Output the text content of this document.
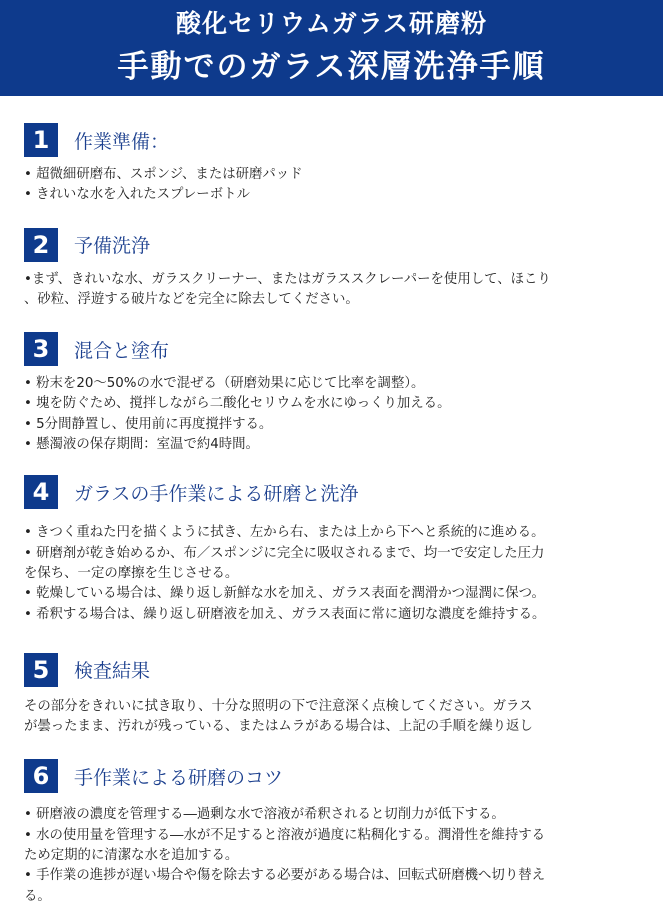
酸化セリウムガラス研磨粉
手動でのガラス深層洗浄手順
1	作業準備：
• 超微細研磨布、スポンジ、または研磨パッド
• きれいな水を入れたスプレーボトル
2	予備洗浄
•まず、きれいな水、ガラスクリーナー、またはガラススクレーパーを使用して、ほこり
、砂粒、浮遊する破片などを完全に除去してください。
3	混合と塗布
• 粉末を20～50%の水で混ぜる（研磨効果に応じて比率を調整）。
• 塊を防ぐため、撹拌しながら二酸化セリウムを水にゆっくり加える。
• 5分間静置し、使用前に再度撹拌する。
• 懸濁液の保存期間：室温で約4時間。
4	ガラスの手作業による研磨と洗浄
• きつく重ねた円を描くように拭き、左から右、または上から下へと系統的に進める。
• 研磨剤が乾き始めるか、布／スポンジに完全に吸収されるまで、均一で安定した圧力
を保ち、一定の摩擦を生じさせる。
• 乾燥している場合は、繰り返し新鮮な水を加え、ガラス表面を潤滑かつ湿潤に保つ。
• 希釈する場合は、繰り返し研磨液を加え、ガラス表面に常に適切な濃度を維持する。
5	検査結果
その部分をきれいに拭き取り、十分な照明の下で注意深く点検してください。ガラス
が曇ったまま、汚れが残っている、またはムラがある場合は、上記の手順を繰り返し
6	手作業による研磨のコツ
• 研磨液の濃度を管理する―過剰な水で溶液が希釈されると切削力が低下する。
• 水の使用量を管理する―水が不足すると溶液が過度に粘稠化する。潤滑性を維持する
ため定期的に清潔な水を追加する。
• 手作業の進捗が遅い場合や傷を除去する必要がある場合は、回転式研磨機へ切り替え
る。
